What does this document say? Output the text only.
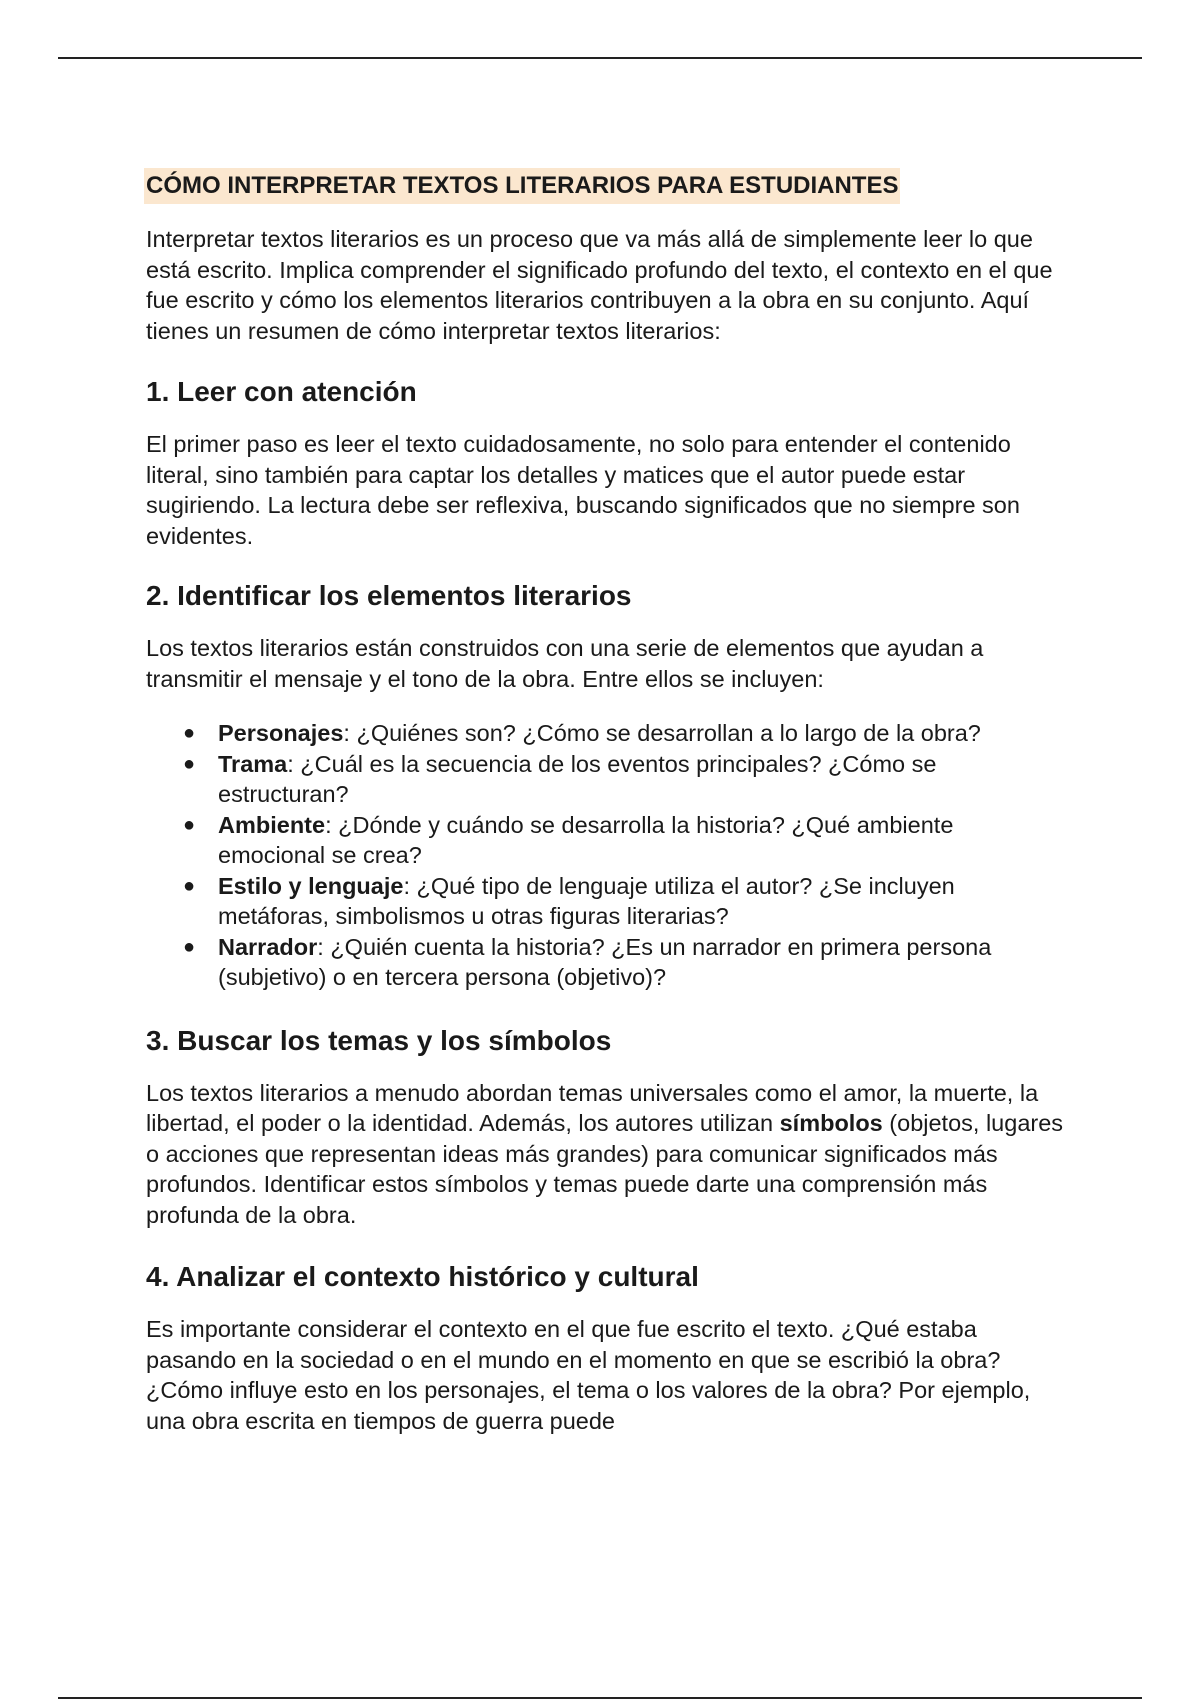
CÓMO INTERPRETAR TEXTOS LITERARIOS PARA ESTUDIANTES

Interpretar textos literarios es un proceso que va más allá de simplemente leer lo que está escrito. Implica comprender el significado profundo del texto, el contexto en el que fue escrito y cómo los elementos literarios contribuyen a la obra en su conjunto. Aquí tienes un resumen de cómo interpretar textos literarios:

1. Leer con atención

El primer paso es leer el texto cuidadosamente, no solo para entender el contenido literal, sino también para captar los detalles y matices que el autor puede estar sugiriendo. La lectura debe ser reflexiva, buscando significados que no siempre son evidentes.

2. Identificar los elementos literarios

Los textos literarios están construidos con una serie de elementos que ayudan a transmitir el mensaje y el tono de la obra. Entre ellos se incluyen:

● Personajes: ¿Quiénes son? ¿Cómo se desarrollan a lo largo de la obra?
● Trama: ¿Cuál es la secuencia de los eventos principales? ¿Cómo se estructuran?
● Ambiente: ¿Dónde y cuándo se desarrolla la historia? ¿Qué ambiente emocional se crea?
● Estilo y lenguaje: ¿Qué tipo de lenguaje utiliza el autor? ¿Se incluyen metáforas, simbolismos u otras figuras literarias?
● Narrador: ¿Quién cuenta la historia? ¿Es un narrador en primera persona (subjetivo) o en tercera persona (objetivo)?
3. Buscar los temas y los símbolos

Los textos literarios a menudo abordan temas universales como el amor, la muerte, la libertad, el poder o la identidad. Además, los autores utilizan símbolos (objetos, lugares o acciones que representan ideas más grandes) para comunicar significados más profundos. Identificar estos símbolos y temas puede darte una comprensión más profunda de la obra.

4. Analizar el contexto histórico y cultural

Es importante considerar el contexto en el que fue escrito el texto. ¿Qué estaba pasando en la sociedad o en el mundo en el momento en que se escribió la obra? ¿Cómo influye esto en los personajes, el tema o los valores de la obra? Por ejemplo, una obra escrita en tiempos de guerra puede
